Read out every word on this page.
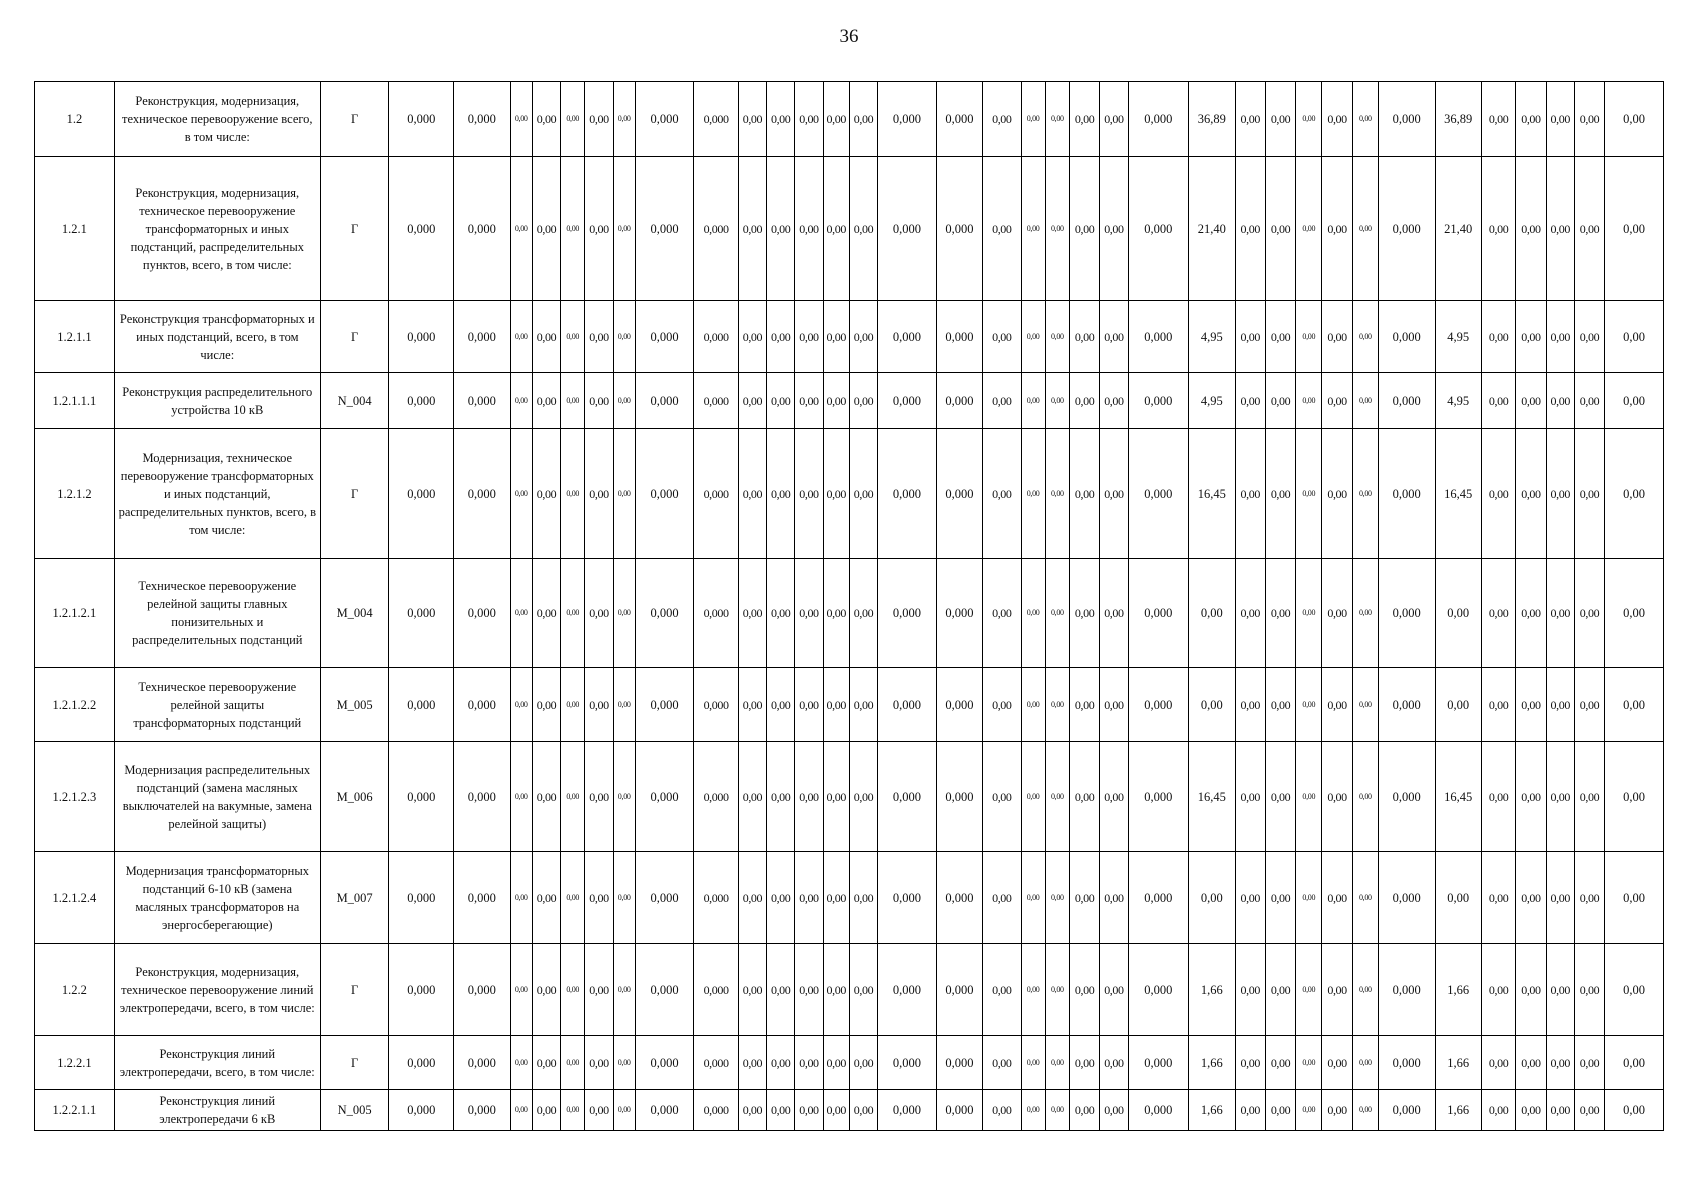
36
1.2	Реконструкция, модернизация, техническое перевооружение всего, в том числе:	Г	0,000	0,000	0,00	0,00	0,00	0,00	0,00	0,000	0,000	0,00	0,00	0,00	0,00	0,00	0,000	0,000	0,00	0,00	0,00	0,00	0,00	0,000	36,89	0,00	0,00	0,00	0,00	0,00	0,000	36,89	0,00	0,00	0,00	0,00	0,00
1.2.1	Реконструкция, модернизация, техническое перевооружение трансформаторных и иных подстанций, распределительных пунктов, всего, в том числе:	Г	0,000	0,000	0,00	0,00	0,00	0,00	0,00	0,000	0,000	0,00	0,00	0,00	0,00	0,00	0,000	0,000	0,00	0,00	0,00	0,00	0,00	0,000	21,40	0,00	0,00	0,00	0,00	0,00	0,000	21,40	0,00	0,00	0,00	0,00	0,00
1.2.1.1	Реконструкция трансформаторных и иных подстанций, всего, в том числе:	Г	0,000	0,000	0,00	0,00	0,00	0,00	0,00	0,000	0,000	0,00	0,00	0,00	0,00	0,00	0,000	0,000	0,00	0,00	0,00	0,00	0,00	0,000	4,95	0,00	0,00	0,00	0,00	0,00	0,000	4,95	0,00	0,00	0,00	0,00	0,00
1.2.1.1.1	Реконструкция распределительного устройства 10 кВ	N_004	0,000	0,000	0,00	0,00	0,00	0,00	0,00	0,000	0,000	0,00	0,00	0,00	0,00	0,00	0,000	0,000	0,00	0,00	0,00	0,00	0,00	0,000	4,95	0,00	0,00	0,00	0,00	0,00	0,000	4,95	0,00	0,00	0,00	0,00	0,00
1.2.1.2	Модернизация, техническое перевооружение трансформаторных и иных подстанций, распределительных пунктов, всего, в том числе:	Г	0,000	0,000	0,00	0,00	0,00	0,00	0,00	0,000	0,000	0,00	0,00	0,00	0,00	0,00	0,000	0,000	0,00	0,00	0,00	0,00	0,00	0,000	16,45	0,00	0,00	0,00	0,00	0,00	0,000	16,45	0,00	0,00	0,00	0,00	0,00
1.2.1.2.1	Техническое перевооружение релейной защиты главных понизительных и распределительных подстанций	M_004	0,000	0,000	0,00	0,00	0,00	0,00	0,00	0,000	0,000	0,00	0,00	0,00	0,00	0,00	0,000	0,000	0,00	0,00	0,00	0,00	0,00	0,000	0,00	0,00	0,00	0,00	0,00	0,00	0,000	0,00	0,00	0,00	0,00	0,00	0,00
1.2.1.2.2	Техническое перевооружение релейной защиты трансформаторных подстанций	M_005	0,000	0,000	0,00	0,00	0,00	0,00	0,00	0,000	0,000	0,00	0,00	0,00	0,00	0,00	0,000	0,000	0,00	0,00	0,00	0,00	0,00	0,000	0,00	0,00	0,00	0,00	0,00	0,00	0,000	0,00	0,00	0,00	0,00	0,00	0,00
1.2.1.2.3	Модернизация распределительных подстанций (замена масляных выключателей на вакумные, замена релейной защиты)	M_006	0,000	0,000	0,00	0,00	0,00	0,00	0,00	0,000	0,000	0,00	0,00	0,00	0,00	0,00	0,000	0,000	0,00	0,00	0,00	0,00	0,00	0,000	16,45	0,00	0,00	0,00	0,00	0,00	0,000	16,45	0,00	0,00	0,00	0,00	0,00
1.2.1.2.4	Модернизация трансформаторных подстанций 6-10 кВ (замена масляных трансформаторов на энергосберегающие)	M_007	0,000	0,000	0,00	0,00	0,00	0,00	0,00	0,000	0,000	0,00	0,00	0,00	0,00	0,00	0,000	0,000	0,00	0,00	0,00	0,00	0,00	0,000	0,00	0,00	0,00	0,00	0,00	0,00	0,000	0,00	0,00	0,00	0,00	0,00	0,00
1.2.2	Реконструкция, модернизация, техническое перевооружение линий электропередачи, всего, в том числе:	Г	0,000	0,000	0,00	0,00	0,00	0,00	0,00	0,000	0,000	0,00	0,00	0,00	0,00	0,00	0,000	0,000	0,00	0,00	0,00	0,00	0,00	0,000	1,66	0,00	0,00	0,00	0,00	0,00	0,000	1,66	0,00	0,00	0,00	0,00	0,00
1.2.2.1	Реконструкция линий электропередачи, всего, в том числе:	Г	0,000	0,000	0,00	0,00	0,00	0,00	0,00	0,000	0,000	0,00	0,00	0,00	0,00	0,00	0,000	0,000	0,00	0,00	0,00	0,00	0,00	0,000	1,66	0,00	0,00	0,00	0,00	0,00	0,000	1,66	0,00	0,00	0,00	0,00	0,00
1.2.2.1.1	Реконструкция линий электропередачи 6 кВ	N_005	0,000	0,000	0,00	0,00	0,00	0,00	0,00	0,000	0,000	0,00	0,00	0,00	0,00	0,00	0,000	0,000	0,00	0,00	0,00	0,00	0,00	0,000	1,66	0,00	0,00	0,00	0,00	0,00	0,000	1,66	0,00	0,00	0,00	0,00	0,00
